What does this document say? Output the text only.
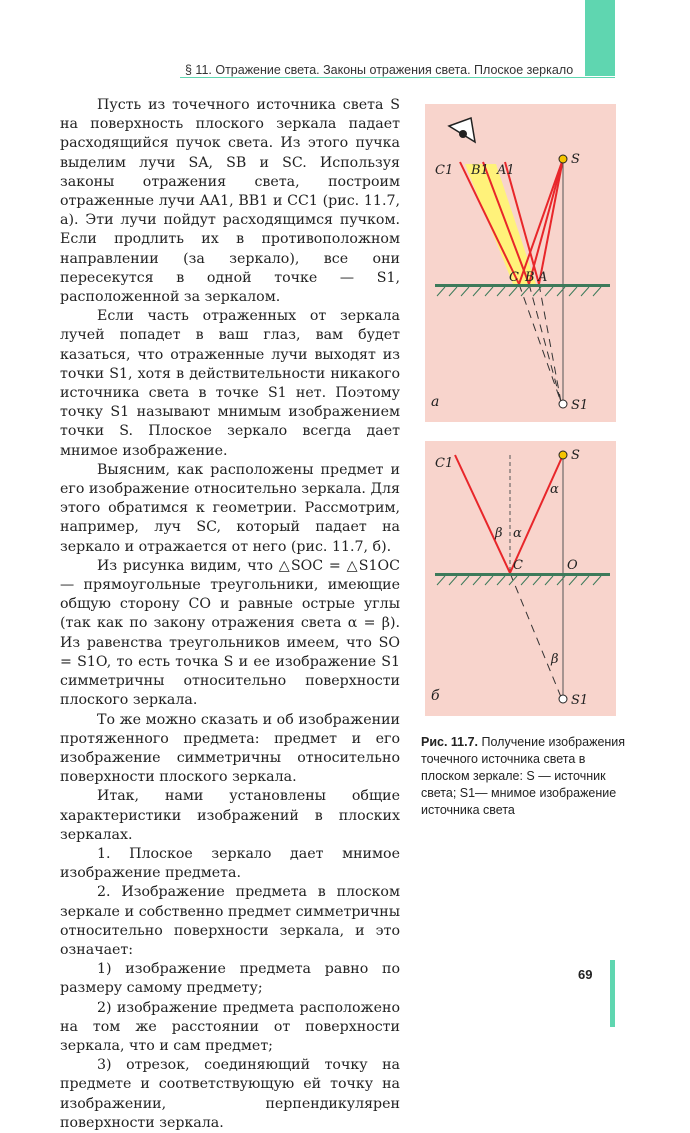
§ 11. Отражение света. Законы отражения света. Плоское зеркало

Пусть из точечного источника света S на поверхность плоского зеркала падает расходящийся пучок света. Из этого пучка выделим лучи SA, SB и SC. Используя законы отражения света, построим отраженные лучи AA1, BB1 и CC1 (рис. 11.7, а). Эти лучи пойдут расходящимся пучком. Если продлить их в противоположном направлении (за зеркало), все они пересекутся в одной точке — S1, расположенной за зеркалом.

Если часть отраженных от зеркала лучей попадет в ваш глаз, вам будет казаться, что отраженные лучи выходят из точки S1, хотя в действительности никакого источника света в точке S1 нет. Поэтому точку S1 называют мнимым изображением точки S. Плоское зеркало всегда дает мнимое изображение.

Выясним, как расположены предмет и его изображение относительно зеркала. Для этого обратимся к геометрии. Рассмотрим, например, луч SC, который падает на зеркало и отражается от него (рис. 11.7, б).

Из рисунка видим, что △SOC = △S1OC — прямоугольные треугольники, имеющие общую сторону CO и равные острые углы (так как по закону отражения света α = β). Из равенства треугольников имеем, что SO = S1O, то есть точка S и ее изображение S1 симметричны относительно поверхности плоского зеркала.

То же можно сказать и об изображении протяженного предмета: предмет и его изображение симметричны относительно поверхности плоского зеркала.

Итак, нами установлены общие характеристики изображений в плоских зеркалах.

1. Плоское зеркало дает мнимое изображение предмета.

2. Изображение предмета в плоском зеркале и собственно предмет симметричны относительно поверхности зеркала, и это означает:

1) изображение предмета равно по размеру самому предмету;

2) изображение предмета расположено на том же расстоянии от поверхности зеркала, что и сам предмет;

3) отрезок, соединяющий точку на предмете и соответствующую ей точку на изображении, перпендикулярен поверхности зеркала.

S
S1
A
B
C
A1
B1
C1
а
S
S1
C	O
C1
α
α
β
β
б
Рис. 11.7. Получение изображения точечного источника света в плоском зеркале: S — источник света; S1— мнимое изображение источника света
69
